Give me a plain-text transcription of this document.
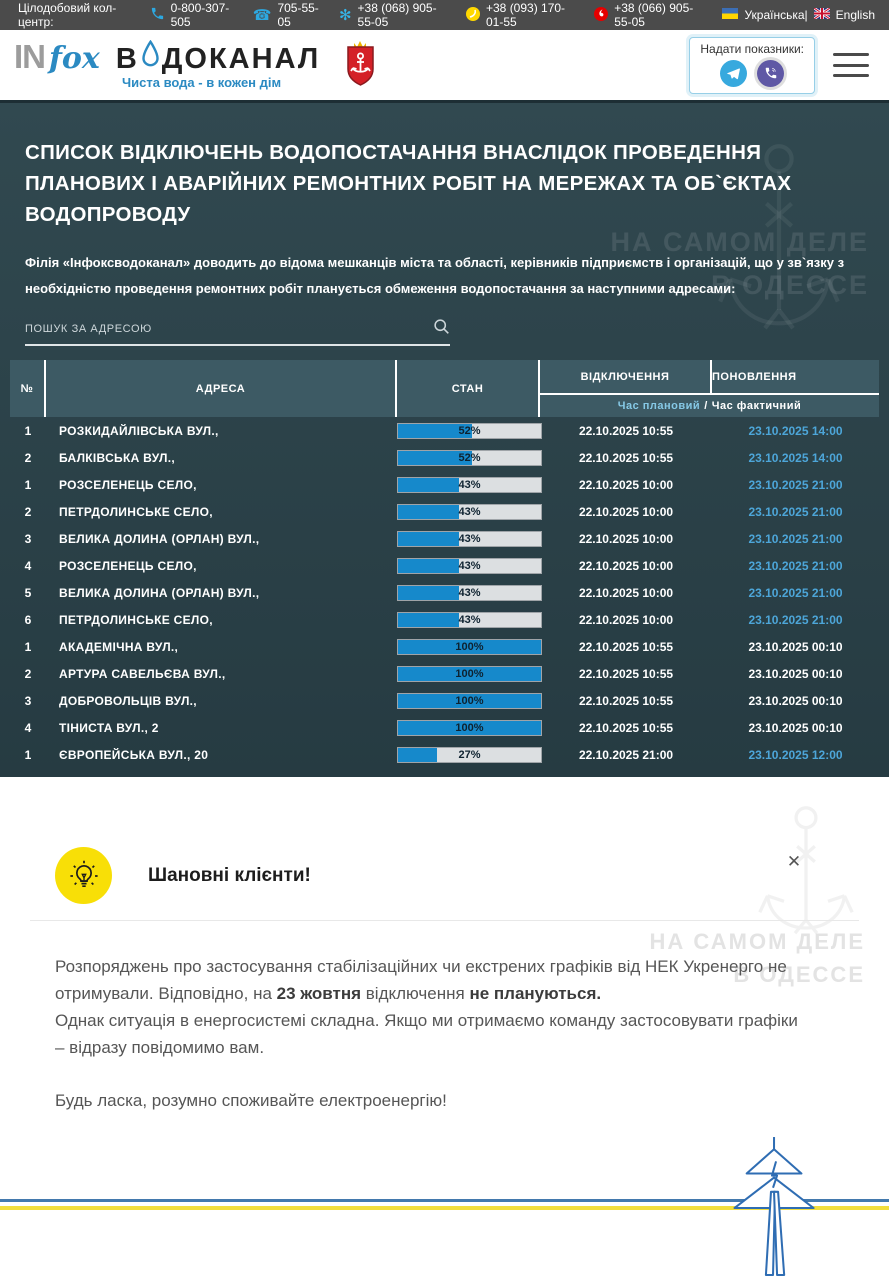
Цілодобовий кол-центр:
0-800-307-505	☎ 705-55-05	✻ +38 (068) 905-55-05
+38 (093) 170-01-55
+38 (066) 905-55-05	Українська| English
IN fox В ДОКАНАЛ
Чиста вода - в кожен дім
Надати показники:
НА САМОМ ДЕЛЕ
В ОДЕССЕ
СПИСОК ВІДКЛЮЧЕНЬ ВОДОПОСТАЧАННЯ ВНАСЛІДОК ПРОВЕДЕННЯ ПЛАНОВИХ І АВАРІЙНИХ РЕМОНТНИХ РОБІТ НА МЕРЕЖАХ ТА ОБ`ЄКТАХ ВОДОПРОВОДУ
Філія «Інфоксводоканал» доводить до відома мешканців міста та області, керівників підприємств і організацій, що у зв`язку з необхідністю проведення ремонтних робіт планується обмеження водопостачання за наступними адресами:
ПОШУК ЗА АДРЕСОЮ
№	АДРЕСА	СТАН
ВІДКЛЮЧЕННЯ	ПОНОВЛЕННЯ
Час плановий / Час фактичний
1	РОЗКИДАЙЛІВСЬКА ВУЛ.,	52%	22.10.2025 10:55	23.10.2025 14:00
2	БАЛКІВСЬКА ВУЛ.,	52%	22.10.2025 10:55	23.10.2025 14:00
1	РОЗСЕЛЕНЕЦЬ СЕЛО,	43%	22.10.2025 10:00	23.10.2025 21:00
2	ПЕТРДОЛИНСЬКЕ СЕЛО,	43%	22.10.2025 10:00	23.10.2025 21:00
3	ВЕЛИКА ДОЛИНА (ОРЛАН) ВУЛ.,	43%	22.10.2025 10:00	23.10.2025 21:00
4	РОЗСЕЛЕНЕЦЬ СЕЛО,	43%	22.10.2025 10:00	23.10.2025 21:00
5	ВЕЛИКА ДОЛИНА (ОРЛАН) ВУЛ.,	43%	22.10.2025 10:00	23.10.2025 21:00
6	ПЕТРДОЛИНСЬКЕ СЕЛО,	43%	22.10.2025 10:00	23.10.2025 21:00
1	АКАДЕМІЧНА ВУЛ.,	100%	22.10.2025 10:55	23.10.2025 00:10
2	АРТУРА САВЕЛЬЄВА ВУЛ.,	100%	22.10.2025 10:55	23.10.2025 00:10
3	ДОБРОВОЛЬЦІВ ВУЛ.,	100%	22.10.2025 10:55	23.10.2025 00:10
4	ТІНИСТА ВУЛ., 2	100%	22.10.2025 10:55	23.10.2025 00:10
1	ЄВРОПЕЙСЬКА ВУЛ., 20	27%	22.10.2025 21:00	23.10.2025 12:00
НА САМОМ ДЕЛЕ
В ОДЕССЕ
Шановні клієнти!
✕

Розпоряджень про застосування стабілізаційних чи екстрених графіків від НЕК Укренерго не отримували. Відповідно, на 23 жовтня відключення не плануються.

Однак ситуація в енергосистемі складна. Якщо ми отримаємо команду застосовувати графіки – відразу повідомимо вам.

Будь ласка, розумно споживайте електроенергію!
